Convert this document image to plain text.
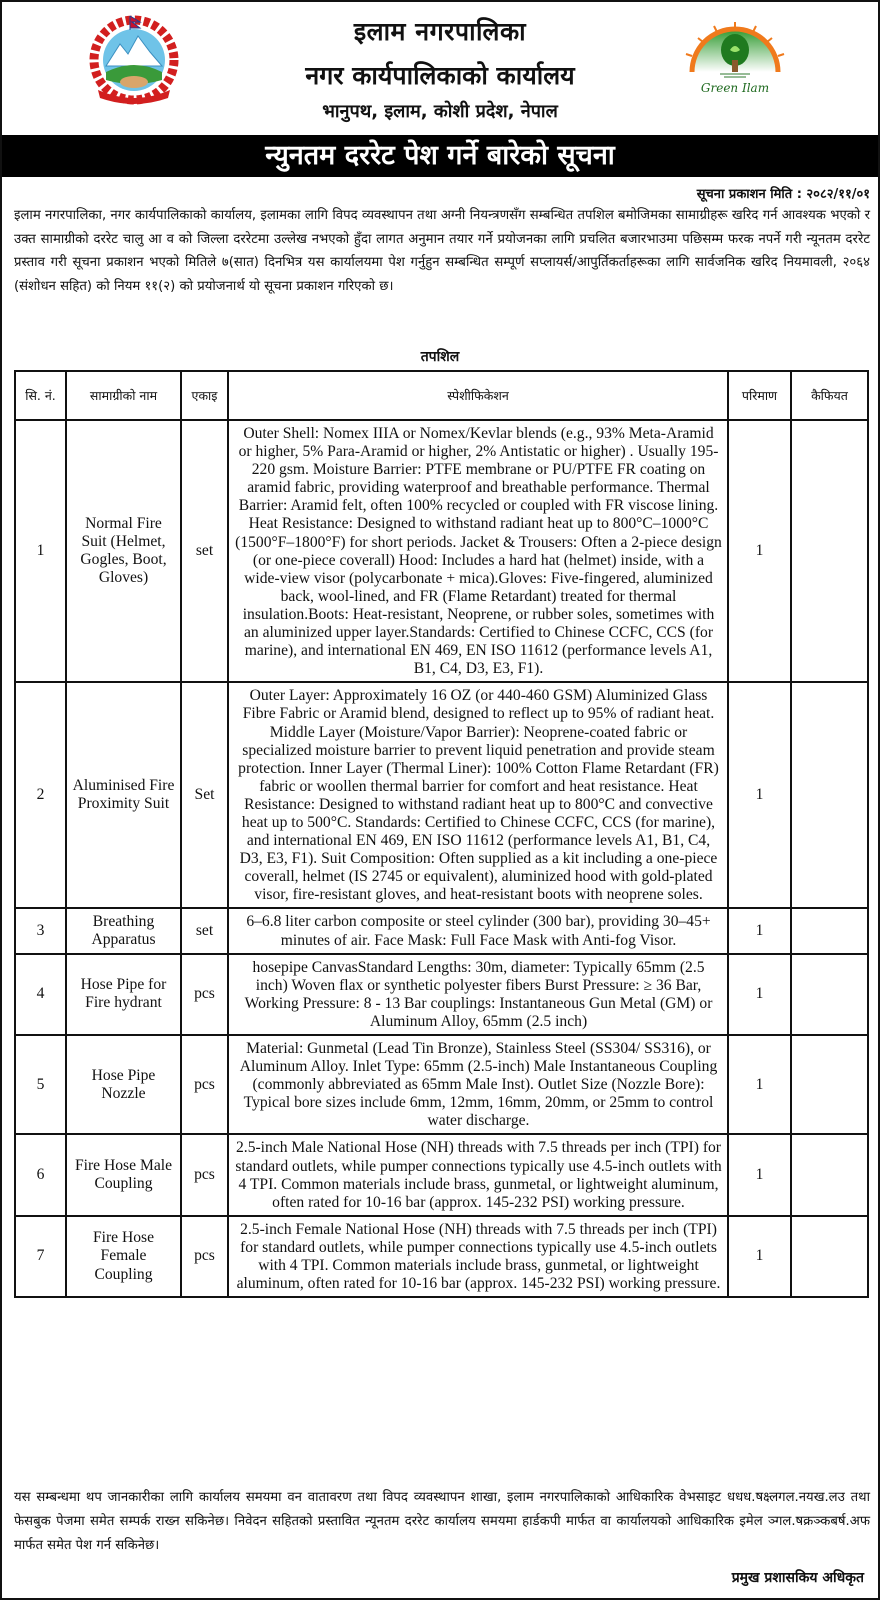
इलाम नगरपालिका
नगर कार्यपालिकाको कार्यालय
भानुपथ, इलाम, कोशी प्रदेश, नेपाल
Green Ilam
न्युनतम दररेट पेश गर्ने बारेको सूचना
सूचना प्रकाशन मिति : २०८२/११/०१
इलाम नगरपालिका, नगर कार्यपालिकाको कार्यालय, इलामका लागि विपद व्यवस्थापन तथा अग्नी नियन्त्रणसँग सम्बन्धित तपशिल बमोजिमका सामाग्रीहरू खरिद गर्न आवश्यक भएको र उक्त सामाग्रीको दररेट चालु आ व को जिल्ला दररेटमा उल्लेख नभएको हुँदा लागत अनुमान तयार गर्ने प्रयोजनका लागि प्रचलित बजारभाउमा पछिसम्म फरक नपर्ने गरी न्यूनतम दररेट प्रस्ताव गरी सूचना प्रकाशन भएको मितिले ७(सात) दिनभित्र यस कार्यालयमा पेश गर्नुहुन सम्बन्धित सम्पूर्ण सप्लायर्स/आपुर्तिकर्ताहरूका लागि सार्वजनिक खरिद नियमावली, २०६४ (संशोधन सहित) को नियम ११(२) को प्रयोजनार्थ यो सूचना प्रकाशन गरिएको छ।
तपशिल
सि. नं.	सामाग्रीको नाम	एकाइ	स्पेशीफिकेशन	परिमाण	कैफियत
1	Normal Fire Suit (Helmet, Gogles, Boot, Gloves)	set	Outer Shell: Nomex IIIA or Nomex/Kevlar blends (e.g., 93% Meta-Aramid or higher, 5% Para-Aramid or higher, 2% Antistatic or higher) . Usually 195-220 gsm. Moisture Barrier: PTFE membrane or PU/PTFE FR coating on aramid fabric, providing waterproof and breathable performance. Thermal Barrier: Aramid felt, often 100% recycled or coupled with FR viscose lining. Heat Resistance: Designed to withstand radiant heat up to 800°C–1000°C (1500°F–1800°F) for short periods. Jacket & Trousers: Often a 2-piece design (or one-piece coverall) Hood: Includes a hard hat (helmet) inside, with a wide-view visor (polycarbonate + mica).Gloves: Five-fingered, aluminized back, wool-lined, and FR (Flame Retardant) treated for thermal insulation.Boots: Heat-resistant, Neoprene, or rubber soles, sometimes with an aluminized upper layer.Standards: Certified to Chinese CCFC, CCS (for marine), and international EN 469, EN ISO 11612 (performance levels A1, B1, C4, D3, E3, F1).	1	
2	Aluminised Fire Proximity Suit	Set	Outer Layer: Approximately 16 OZ (or 440-460 GSM) Aluminized Glass Fibre Fabric or Aramid blend, designed to reflect up to 95% of radiant heat. Middle Layer (Moisture/Vapor Barrier): Neoprene-coated fabric or specialized moisture barrier to prevent liquid penetration and provide steam protection. Inner Layer (Thermal Liner): 100% Cotton Flame Retardant (FR) fabric or woollen thermal barrier for comfort and heat resistance. Heat Resistance: Designed to withstand radiant heat up to 800°C and convective heat up to 500°C. Standards: Certified to Chinese CCFC, CCS (for marine), and international EN 469, EN ISO 11612 (performance levels A1, B1, C4, D3, E3, F1). Suit Composition: Often supplied as a kit including a one-piece coverall, helmet (IS 2745 or equivalent), aluminized hood with gold-plated visor, fire-resistant gloves, and heat-resistant boots with neoprene soles.	1	
3	Breathing Apparatus	set	6–6.8 liter carbon composite or steel cylinder (300 bar), providing 30–45+ minutes of air. Face Mask: Full Face Mask with Anti-fog Visor.	1	
4	Hose Pipe for Fire hydrant	pcs	hosepipe CanvasStandard Lengths: 30m, diameter: Typically 65mm (2.5 inch) Woven flax or synthetic polyester fibers Burst Pressure: ≥ 36 Bar, Working Pressure: 8 - 13 Bar couplings: Instantaneous Gun Metal (GM) or Aluminum Alloy, 65mm (2.5 inch)	1	
5	Hose Pipe Nozzle	pcs	Material: Gunmetal (Lead Tin Bronze), Stainless Steel (SS304/ SS316), or Aluminum Alloy. Inlet Type: 65mm (2.5-inch) Male Instantaneous Coupling (commonly abbreviated as 65mm Male Inst). Outlet Size (Nozzle Bore): Typical bore sizes include 6mm, 12mm, 16mm, 20mm, or 25mm to control water discharge.	1	
6	Fire Hose Male Coupling	pcs	2.5-inch Male National Hose (NH) threads with 7.5 threads per inch (TPI) for standard outlets, while pumper connections typically use 4.5-inch outlets with 4 TPI. Common materials include brass, gunmetal, or lightweight aluminum, often rated for 10-16 bar (approx. 145-232 PSI) working pressure.	1	
7	Fire Hose Female Coupling	pcs	2.5-inch Female National Hose (NH) threads with 7.5 threads per inch (TPI) for standard outlets, while pumper connections typically use 4.5-inch outlets with 4 TPI. Common materials include brass, gunmetal, or lightweight aluminum, often rated for 10-16 bar (approx. 145-232 PSI) working pressure.	1	
यस सम्बन्धमा थप जानकारीका लागि कार्यालय समयमा वन वातावरण तथा विपद व्यवस्थापन शाखा, इलाम नगरपालिकाको आधिकारिक वेभसाइट धधध.षक्ष्लगल.नयख.लउ तथा फेसबुक पेजमा समेत सम्पर्क राख्न सकिनेछ। निवेदन सहितको प्रस्तावित न्यूनतम दररेट कार्यालय समयमा हार्डकपी मार्फत वा कार्यालयको आधिकारिक इमेल ञ्गल.षक्रञ्कबर्ष.अफ मार्फत समेत पेश गर्न सकिनेछ।
प्रमुख प्रशासकिय अधिकृत
